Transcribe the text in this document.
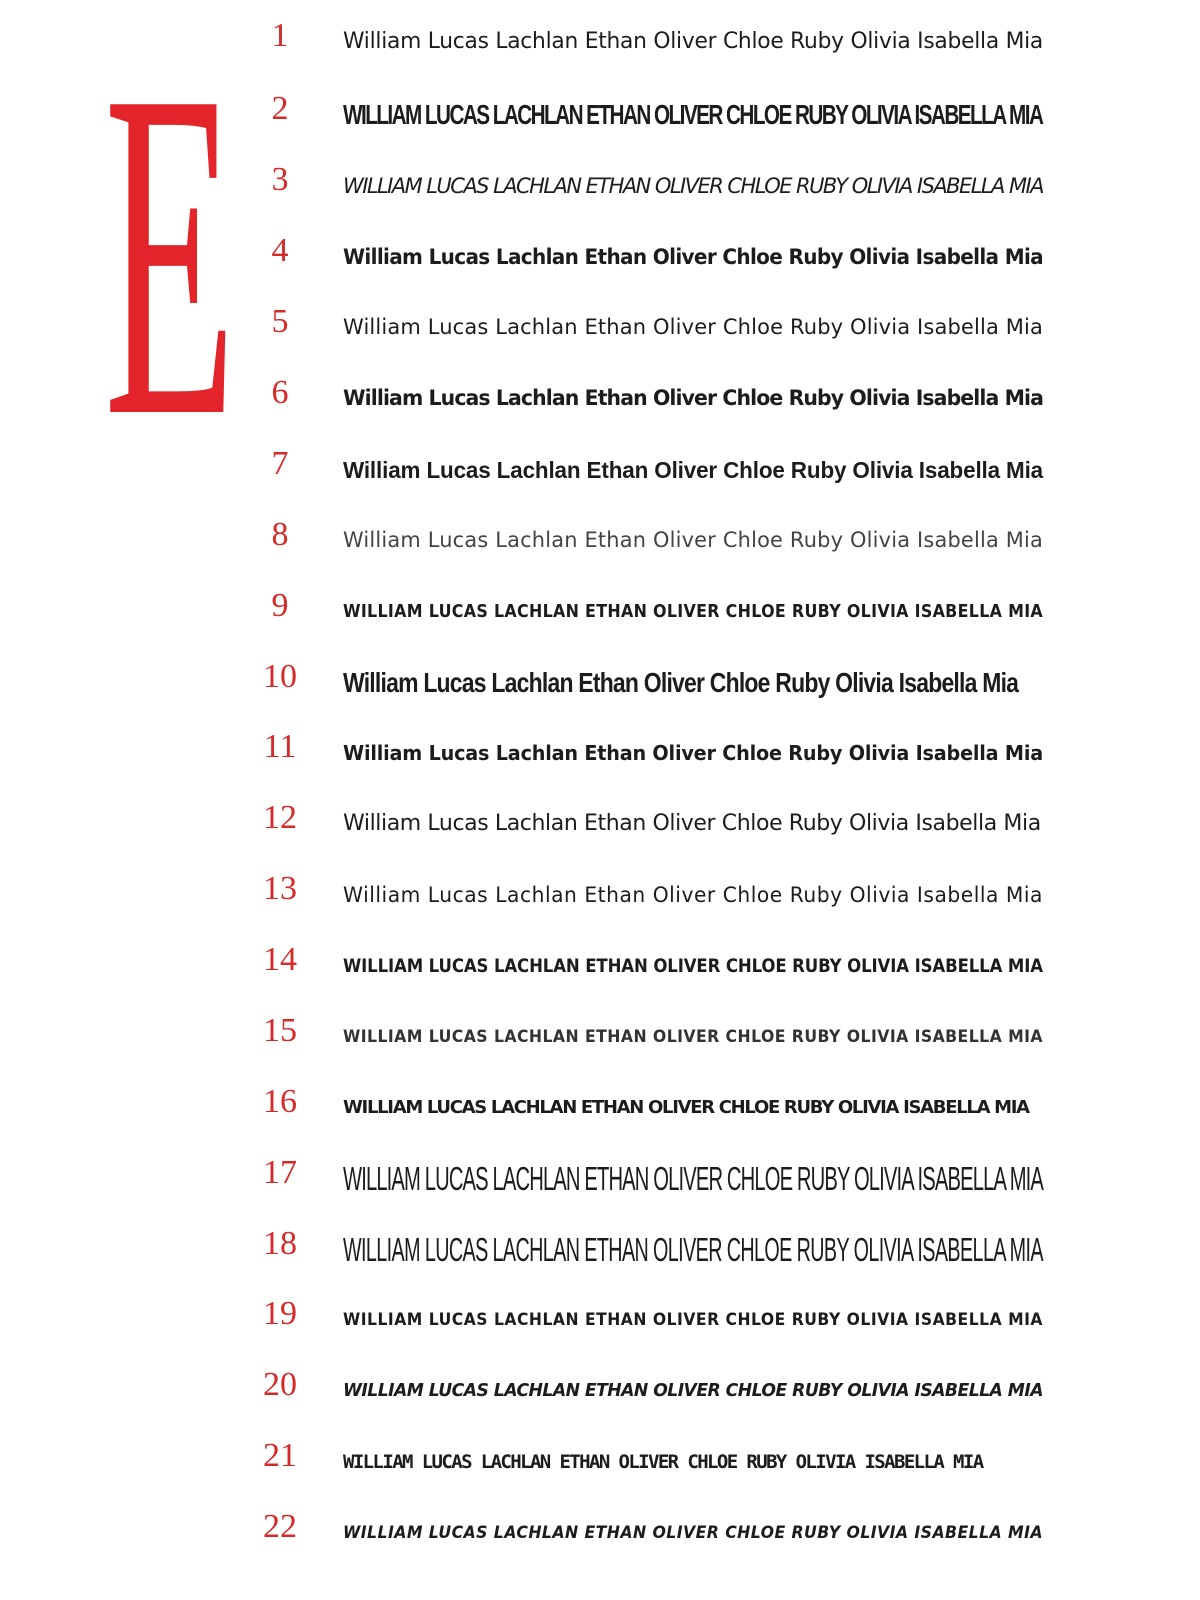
E	1	William Lucas Lachlan Ethan Oliver Chloe Ruby Olivia Isabella Mia
2	WILLIAM LUCAS LACHLAN ETHAN OLIVER CHLOE RUBY OLIVIA ISABELLA MIA
3	WILLIAM LUCAS LACHLAN ETHAN OLIVER CHLOE RUBY OLIVIA ISABELLA MIA
4	William Lucas Lachlan Ethan Oliver Chloe Ruby Olivia Isabella Mia
5	William Lucas Lachlan Ethan Oliver Chloe Ruby Olivia Isabella Mia
6	William Lucas Lachlan Ethan Oliver Chloe Ruby Olivia Isabella Mia
7	William Lucas Lachlan Ethan Oliver Chloe Ruby Olivia Isabella Mia
8	William Lucas Lachlan Ethan Oliver Chloe Ruby Olivia Isabella Mia
9	WILLIAM LUCAS LACHLAN ETHAN OLIVER CHLOE RUBY OLIVIA ISABELLA MIA
10	William Lucas Lachlan Ethan Oliver Chloe Ruby Olivia Isabella Mia
11	William Lucas Lachlan Ethan Oliver Chloe Ruby Olivia Isabella Mia
12	William Lucas Lachlan Ethan Oliver Chloe Ruby Olivia Isabella Mia
13	William Lucas Lachlan Ethan Oliver Chloe Ruby Olivia Isabella Mia
14	WILLIAM LUCAS LACHLAN ETHAN OLIVER CHLOE RUBY OLIVIA ISABELLA MIA
15	WILLIAM LUCAS LACHLAN ETHAN OLIVER CHLOE RUBY OLIVIA ISABELLA MIA
16	WILLIAM LUCAS LACHLAN ETHAN OLIVER CHLOE RUBY OLIVIA ISABELLA MIA
17	WILLIAM LUCAS LACHLAN ETHAN OLIVER CHLOE RUBY OLIVIA ISABELLA MIA
18	WILLIAM LUCAS LACHLAN ETHAN OLIVER CHLOE RUBY OLIVIA ISABELLA MIA
19	WILLIAM LUCAS LACHLAN ETHAN OLIVER CHLOE RUBY OLIVIA ISABELLA MIA
20	WILLIAM LUCAS LACHLAN ETHAN OLIVER CHLOE RUBY OLIVIA ISABELLA MIA
21	WILLIAM LUCAS LACHLAN ETHAN OLIVER CHLOE RUBY OLIVIA ISABELLA MIA
22	WILLIAM LUCAS LACHLAN ETHAN OLIVER CHLOE RUBY OLIVIA ISABELLA MIA
